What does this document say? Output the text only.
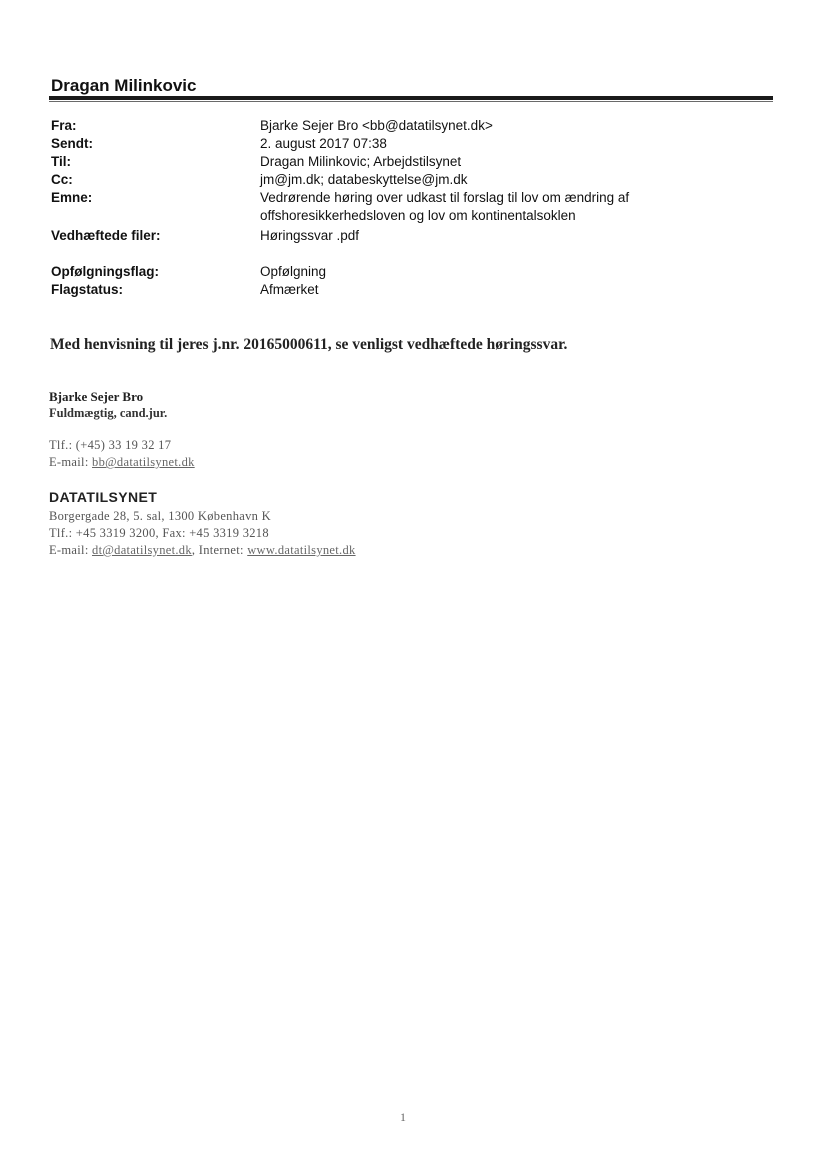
Dragan Milinkovic
Fra:	Bjarke Sejer Bro <bb@datatilsynet.dk>
Sendt:	2. august 2017 07:38
Til:	Dragan Milinkovic; Arbejdstilsynet
Cc:	jm@jm.dk; databeskyttelse@jm.dk
Emne:	Vedrørende høring over udkast til forslag til lov om ændring af
offshoresikkerhedsloven og lov om kontinentalsoklen
Vedhæftede filer:	Høringssvar .pdf
Opfølgningsflag:	Opfølgning
Flagstatus:	Afmærket
Med henvisning til jeres j.nr. 20165000611, se venligst vedhæftede høringssvar.
Bjarke Sejer Bro
Fuldmægtig, cand.jur.
Tlf.: (+45) 33 19 32 17
E-mail: bb@datatilsynet.dk
DATATILSYNET
Borgergade 28, 5. sal, 1300 København K
Tlf.: +45 3319 3200, Fax: +45 3319 3218
E-mail: dt@datatilsynet.dk, Internet: www.datatilsynet.dk
1
